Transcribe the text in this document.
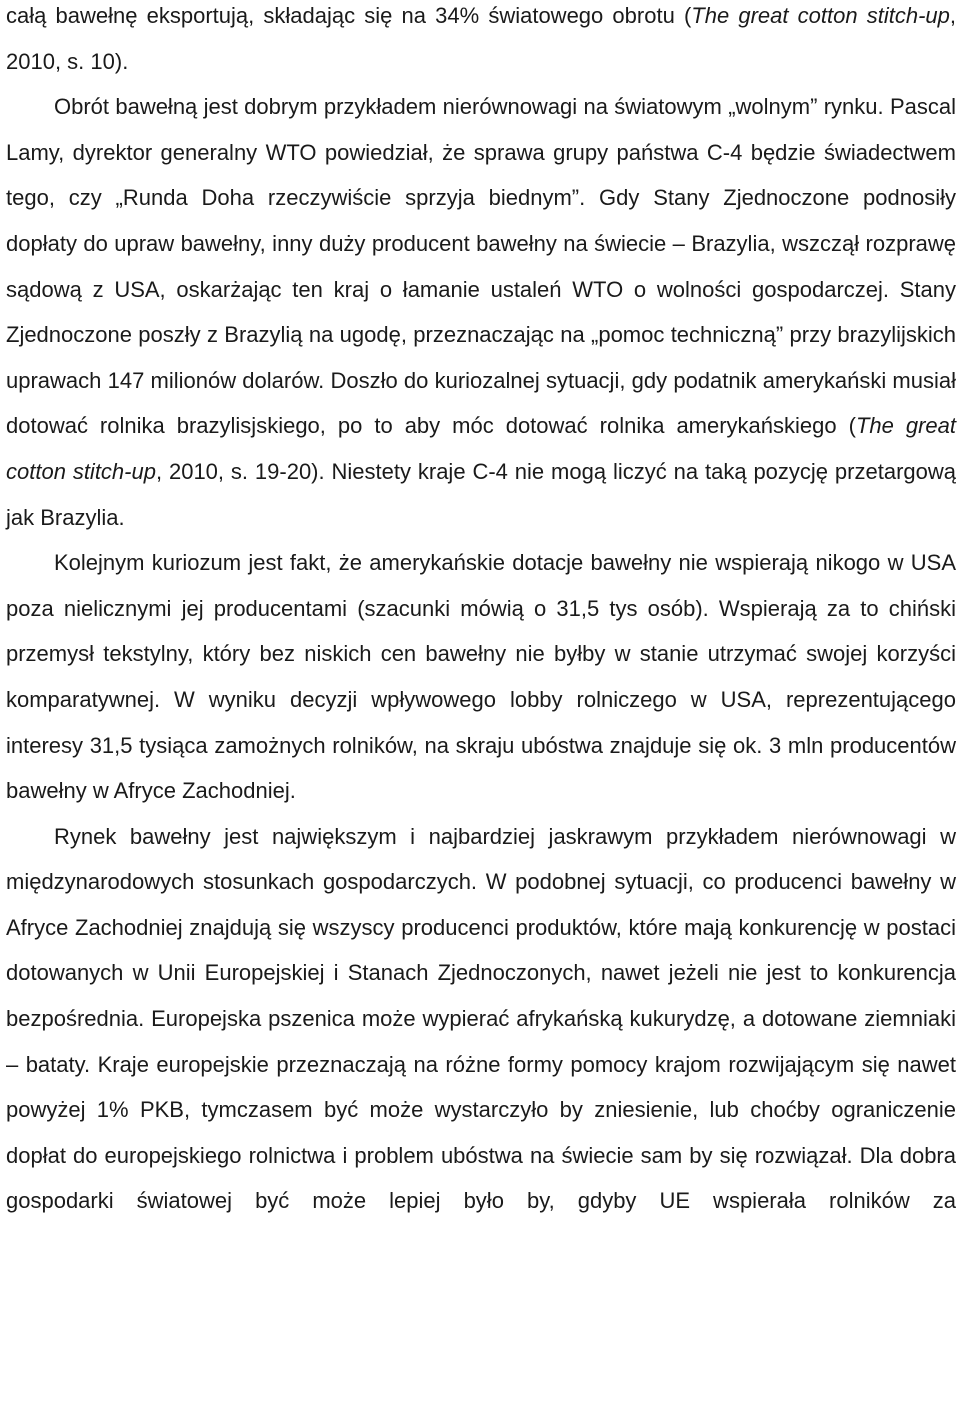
całą bawełnę eksportują, składając się na 34% światowego obrotu (The great cotton stitch-up, 2010, s. 10).

Obrót bawełną jest dobrym przykładem nierównowagi na światowym „wolnym” rynku. Pascal Lamy, dyrektor generalny WTO powiedział, że sprawa grupy państwa C-4 będzie świadectwem tego, czy „Runda Doha rzeczywiście sprzyja biednym”. Gdy Stany Zjednoczone podnosiły dopłaty do upraw bawełny, inny duży producent bawełny na świecie – Brazylia, wszczął rozprawę sądową z USA, oskarżając ten kraj o łamanie ustaleń WTO o wolności gospodarczej. Stany Zjednoczone poszły z Brazylią na ugodę, przeznaczając na „pomoc techniczną” przy brazylijskich uprawach 147 milionów dolarów. Doszło do kuriozalnej sytuacji, gdy podatnik amerykański musiał dotować rolnika brazylisjskiego, po to aby móc dotować rolnika amerykańskiego (The great cotton stitch-up, 2010, s. 19-20). Niestety kraje C-4 nie mogą liczyć na taką pozycję przetargową jak Brazylia.

Kolejnym kuriozum jest fakt, że amerykańskie dotacje bawełny nie wspierają nikogo w USA poza nielicznymi jej producentami (szacunki mówią o 31,5 tys osób). Wspierają za to chiński przemysł tekstylny, który bez niskich cen bawełny nie byłby w stanie utrzymać swojej korzyści komparatywnej. W wyniku decyzji wpływowego lobby rolniczego w USA, reprezentującego interesy 31,5 tysiąca zamożnych rolników, na skraju ubóstwa znajduje się ok. 3 mln producentów bawełny w Afryce Zachodniej.

Rynek bawełny jest największym i najbardziej jaskrawym przykładem nierównowagi w międzynarodowych stosunkach gospodarczych. W podobnej sytuacji, co producenci bawełny w Afryce Zachodniej znajdują się wszyscy producenci produktów, które mają konkurencję w postaci dotowanych w Unii Europejskiej i Stanach Zjednoczonych, nawet jeżeli nie jest to konkurencja bezpośrednia. Europejska pszenica może wypierać afrykańską kukurydzę, a dotowane ziemniaki – bataty. Kraje europejskie przeznaczają na różne formy pomocy krajom rozwijającym się nawet powyżej 1% PKB, tymczasem być może wystarczyło by zniesienie, lub choćby ograniczenie dopłat do europejskiego rolnictwa i problem ubóstwa na świecie sam by się rozwiązał. Dla dobra gospodarki światowej być może lepiej było by, gdyby UE wspierała rolników za
